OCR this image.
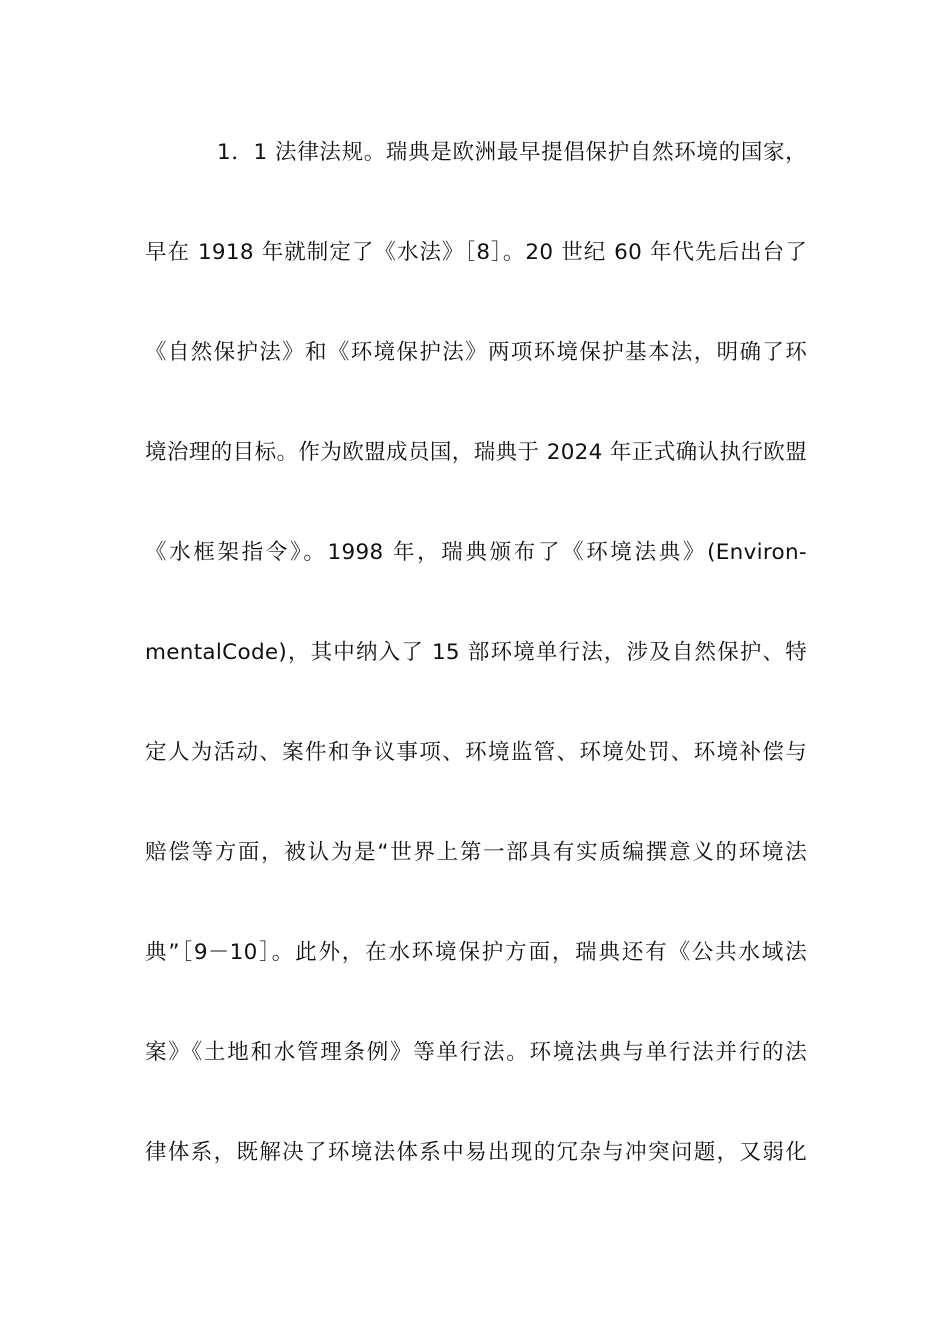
1．1 法律法规。瑞典是欧洲最早提倡保护自然环境的国家，
早在 1918 年就制定了《水法》［8］。20 世纪 60 年代先后出台了
《自然保护法》和《环境保护法》两项环境保护基本法，明确了环
境治理的目标。作为欧盟成员国，瑞典于 2024 年正式确认执行欧盟
《水框架指令》。1998 年，瑞典颁布了《环境法典》(Environ-
mentalCode)，其中纳入了 15 部环境单行法，涉及自然保护、特
定人为活动、案件和争议事项、环境监管、环境处罚、环境补偿与
赔偿等方面，被认为是“世界上第一部具有实质编撰意义的环境法
典”［9－10］。此外，在水环境保护方面，瑞典还有《公共水域法
案》《土地和水管理条例》等单行法。环境法典与单行法并行的法
律体系，既解决了环境法体系中易出现的冗杂与冲突问题，又弱化
